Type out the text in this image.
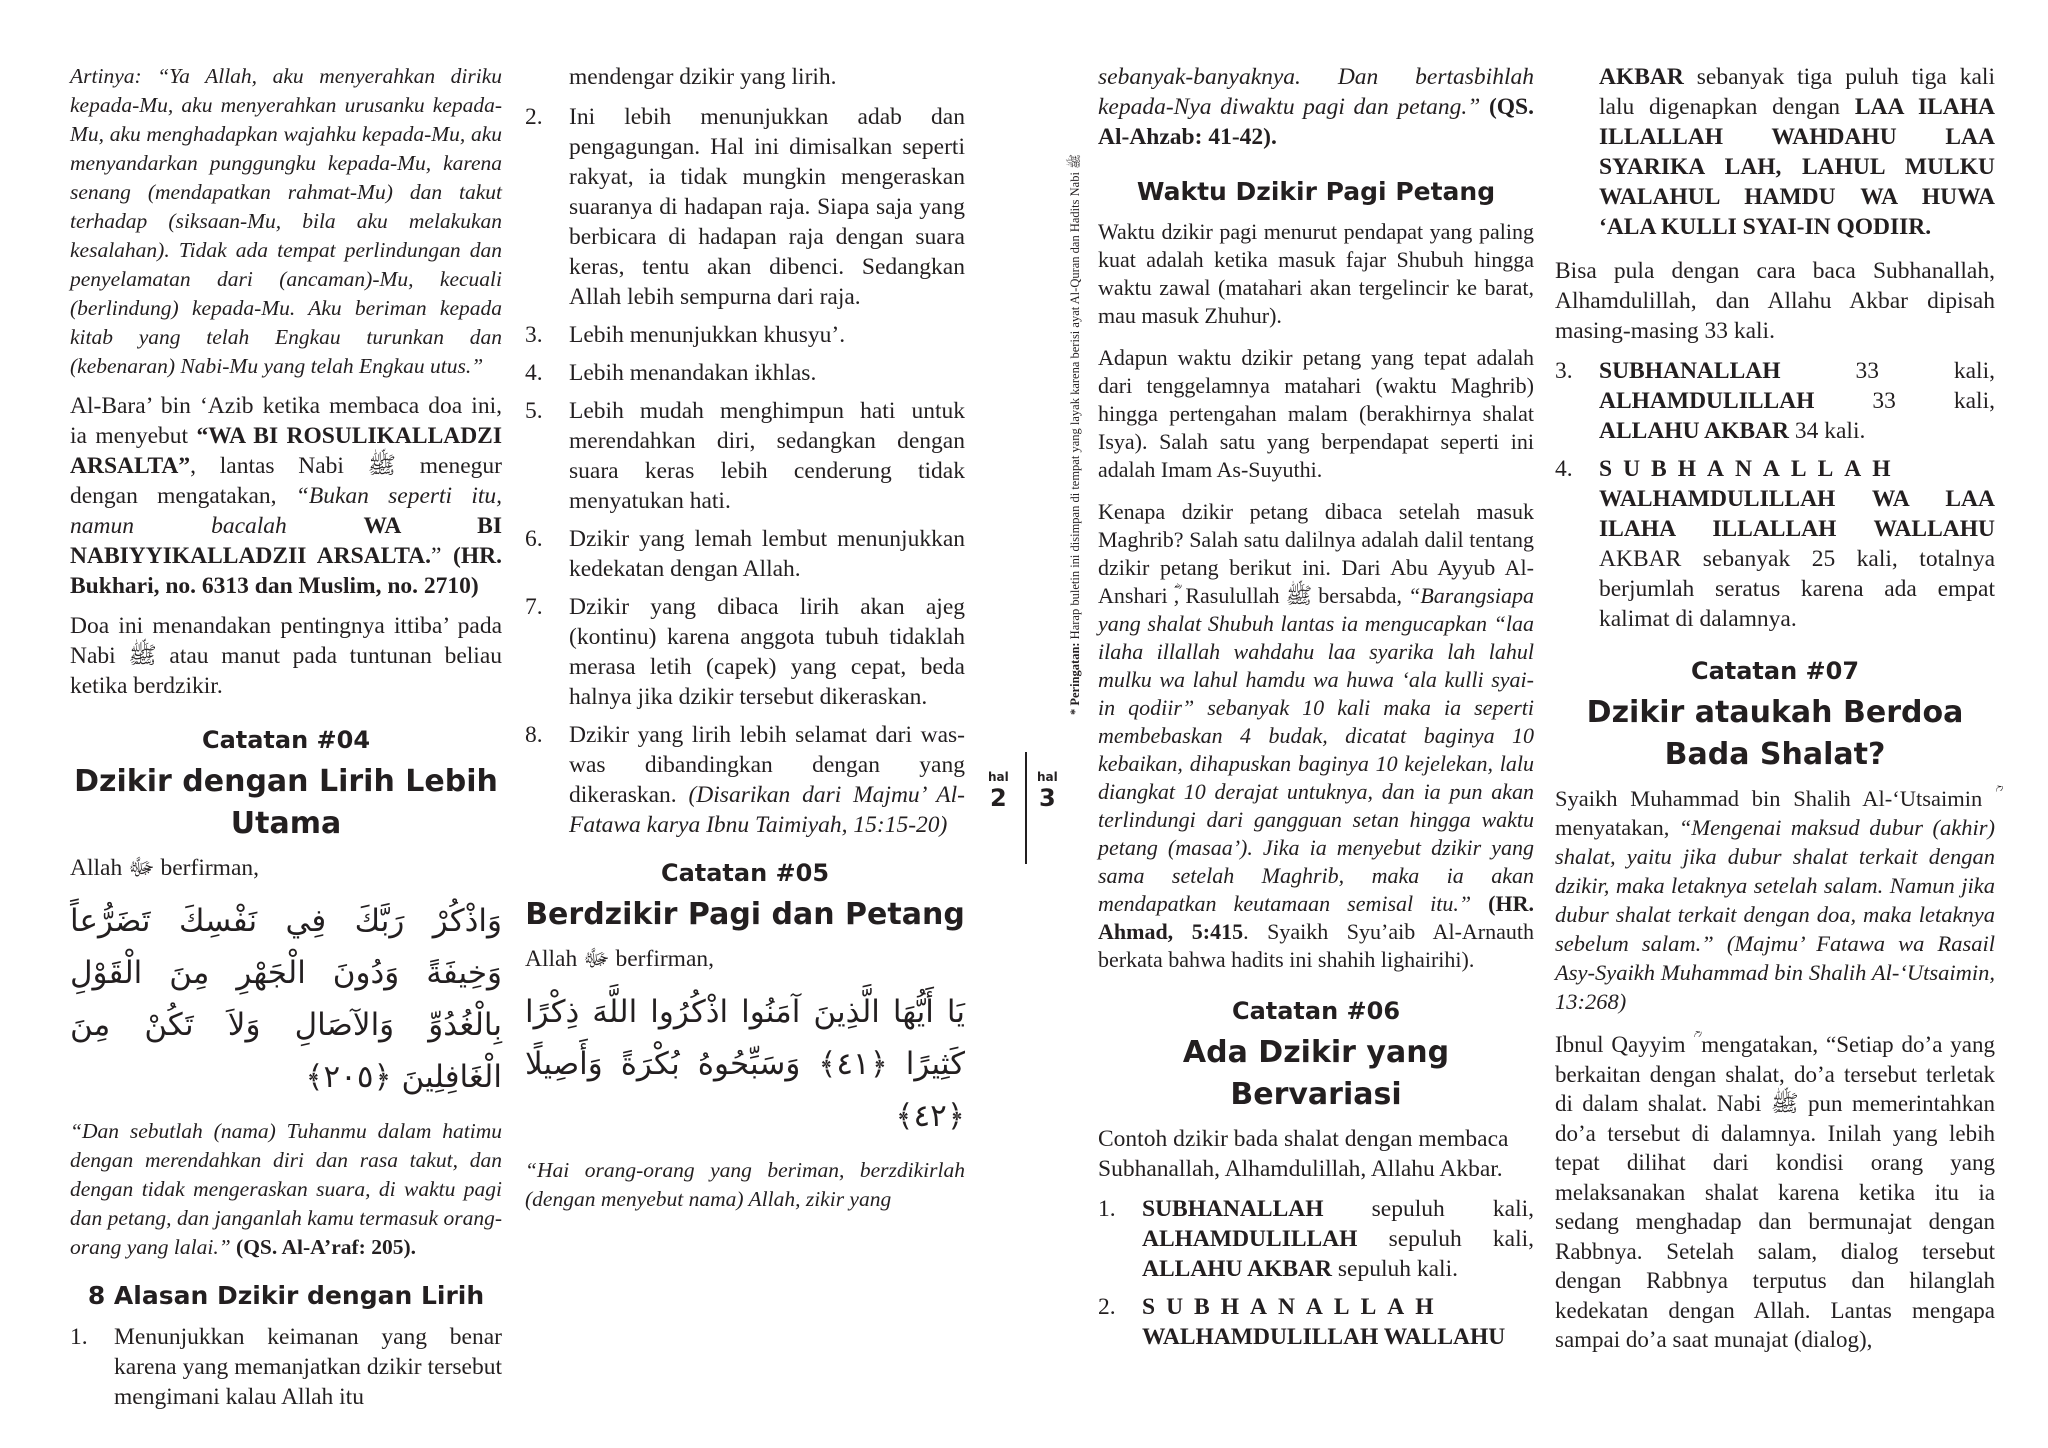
Artinya: “Ya Allah, aku menyerahkan diriku kepada-Mu, aku menyerahkan urusanku kepada-Mu, aku menghadapkan wajahku kepada-Mu, aku menyandarkan punggungku kepada-Mu, karena senang (mendapatkan rahmat-Mu) dan takut terhadap (siksaan-Mu, bila aku melakukan kesalahan). Tidak ada tempat perlindungan dan penyelamatan dari (ancaman)-Mu, kecuali (berlindung) kepada-Mu. Aku beriman kepada kitab yang telah Engkau turunkan dan (kebenaran) Nabi-Mu yang telah Engkau utus.”

Al-Bara’ bin ‘Azib ketika membaca doa ini, ia menyebut “WA BI ROSULIKALLADZI ARSALTA”, lantas Nabi ﷺ menegur dengan mengatakan, “Bukan seperti itu, namun bacalah WA BI NABIYYIKALLADZII ARSALTA.” (HR. Bukhari, no. 6313 dan Muslim, no. 2710)

Doa ini menandakan pentingnya ittiba’ pada Nabi ﷺ atau manut pada tuntunan beliau ketika berdzikir.

Catatan #04
Dzikir dengan Lirih Lebih Utama

Allah ﷻ berfirman,

وَاذْكُرْ رَبَّكَ فِي نَفْسِكَ تَضَرُّعاً وَخِيفَةً وَدُونَ الْجَهْرِ مِنَ الْقَوْلِ بِالْغُدُوِّ وَالآصَالِ وَلاَ تَكُنْ مِنَ الْغَافِلِينَ ﴿٢٠٥﴾

“Dan sebutlah (nama) Tuhanmu dalam hatimu dengan merendahkan diri dan rasa takut, dan dengan tidak mengeraskan suara, di waktu pagi dan petang, dan janganlah kamu termasuk orang-orang yang lalai.” (QS. Al-A’raf: 205).

8 Alasan Dzikir dengan Lirih
1. Menunjukkan keimanan yang benar karena yang memanjatkan dzikir tersebut mengimani kalau Allah itu

mendengar dzikir yang lirih.

2. Ini lebih menunjukkan adab dan pengagungan. Hal ini dimisalkan seperti rakyat, ia tidak mungkin mengeraskan suaranya di hadapan raja. Siapa saja yang berbicara di hadapan raja dengan suara keras, tentu akan dibenci. Sedangkan Allah lebih sempurna dari raja.
3. Lebih menunjukkan khusyu’.
4. Lebih menandakan ikhlas.
5. Lebih mudah menghimpun hati untuk merendahkan diri, sedangkan dengan suara keras lebih cenderung tidak menyatukan hati.
6. Dzikir yang lemah lembut menunjukkan kedekatan dengan Allah.
7. Dzikir yang dibaca lirih akan ajeg (kontinu) karena anggota tubuh tidaklah merasa letih (capek) yang cepat, beda halnya jika dzikir tersebut dikeraskan.
8. Dzikir yang lirih lebih selamat dari was-was dibandingkan dengan yang dikeraskan. (Disarikan dari Majmu’ Al-Fatawa karya Ibnu Taimiyah, 15:15-20)
Catatan #05
Berdzikir Pagi dan Petang

Allah ﷻ berfirman,

يَا أَيُّهَا الَّذِينَ آمَنُوا اذْكُرُوا اللَّهَ ذِكْرًا كَثِيرًا ﴿٤١﴾ وَسَبِّحُوهُ بُكْرَةً وَأَصِيلًا ﴿٤٢﴾

“Hai orang-orang yang beriman, berzdikirlah (dengan menyebut nama) Allah, zikir yang

* Peringatan: Harap buletin ini disimpan di tempat yang layak karena berisi ayat Al-Quran dan Hadits Nabi ﷺ
hal
2
hal
3

sebanyak-banyaknya. Dan bertasbihlah kepada-Nya diwaktu pagi dan petang.” (QS. Al-Ahzab: 41-42).

Waktu Dzikir Pagi Petang

Waktu dzikir pagi menurut pendapat yang paling kuat adalah ketika masuk fajar Shubuh hingga waktu zawal (matahari akan tergelincir ke barat, mau masuk Zhuhur).

Adapun waktu dzikir petang yang tepat adalah dari tenggelamnya matahari (waktu Maghrib) hingga pertengahan malam (berakhirnya shalat Isya). Salah satu yang berpendapat seperti ini adalah Imam As-Suyuthi.

Kenapa dzikir petang dibaca setelah masuk Maghrib? Salah satu dalilnya adalah dalil tentang dzikir petang berikut ini. Dari Abu Ayyub Al-Anshari ؓ, Rasulullah ﷺ bersabda, “Barangsiapa yang shalat Shubuh lantas ia mengucapkan “laa ilaha illallah wahdahu laa syarika lah lahul mulku wa lahul hamdu wa huwa ‘ala kulli syai-in qodiir” sebanyak 10 kali maka ia seperti membebaskan 4 budak, dicatat baginya 10 kebaikan, dihapuskan baginya 10 kejelekan, lalu diangkat 10 derajat untuknya, dan ia pun akan terlindungi dari gangguan setan hingga waktu petang (masaa’). Jika ia menyebut dzikir yang sama setelah Maghrib, maka ia akan mendapatkan keutamaan semisal itu.” (HR. Ahmad, 5:415. Syaikh Syu’aib Al-Arnauth berkata bahwa hadits ini shahih lighairihi).

Catatan #06
Ada Dzikir yang Bervariasi

Contoh dzikir bada shalat dengan membaca Subhanallah, Alhamdulillah, Allahu Akbar.

1. SUBHANALLAH sepuluh kali, ALHAMDULILLAH sepuluh kali, ALLAHU AKBAR sepuluh kali.
2. SUBHANALLAH
WALHAMDULILLAH WALLAHU

AKBAR sebanyak tiga puluh tiga kali lalu digenapkan dengan LAA ILAHA ILLALLAH WAHDAHU LAA SYARIKA LAH, LAHUL MULKU WALAHUL HAMDU WA HUWA ‘ALA KULLI SYAI-IN QODIIR.

Bisa pula dengan cara baca Subhanallah, Alhamdulillah, dan Allahu Akbar dipisah masing-masing 33 kali.

3. SUBHANALLAH 33 kali, ALHAMDULILLAH 33 kali, ALLAHU AKBAR 34 kali.
4. SUBHANALLAH
WALHAMDULILLAH WA LAA ILAHA ILLALLAH WALLAHU AKBAR sebanyak 25 kali, totalnya berjumlah seratus karena ada empat kalimat di dalamnya.
Catatan #07
Dzikir ataukah Berdoa Bada Shalat?

Syaikh Muhammad bin Shalih Al-‘Utsaimin ؒ menyatakan, “Mengenai maksud dubur (akhir) shalat, yaitu jika dubur shalat terkait dengan dzikir, maka letaknya setelah salam. Namun jika dubur shalat terkait dengan doa, maka letaknya sebelum salam.” (Majmu’ Fatawa wa Rasail Asy-Syaikh Muhammad bin Shalih Al-‘Utsaimin, 13:268)

Ibnul Qayyim ؒ mengatakan, “Setiap do’a yang berkaitan dengan shalat, do’a tersebut terletak di dalam shalat. Nabi ﷺ pun memerintahkan do’a tersebut di dalamnya. Inilah yang lebih tepat dilihat dari kondisi orang yang melaksanakan shalat karena ketika itu ia sedang menghadap dan bermunajat dengan Rabbnya. Setelah salam, dialog tersebut dengan Rabbnya terputus dan hilanglah kedekatan dengan Allah. Lantas mengapa sampai do’a saat munajat (dialog),
